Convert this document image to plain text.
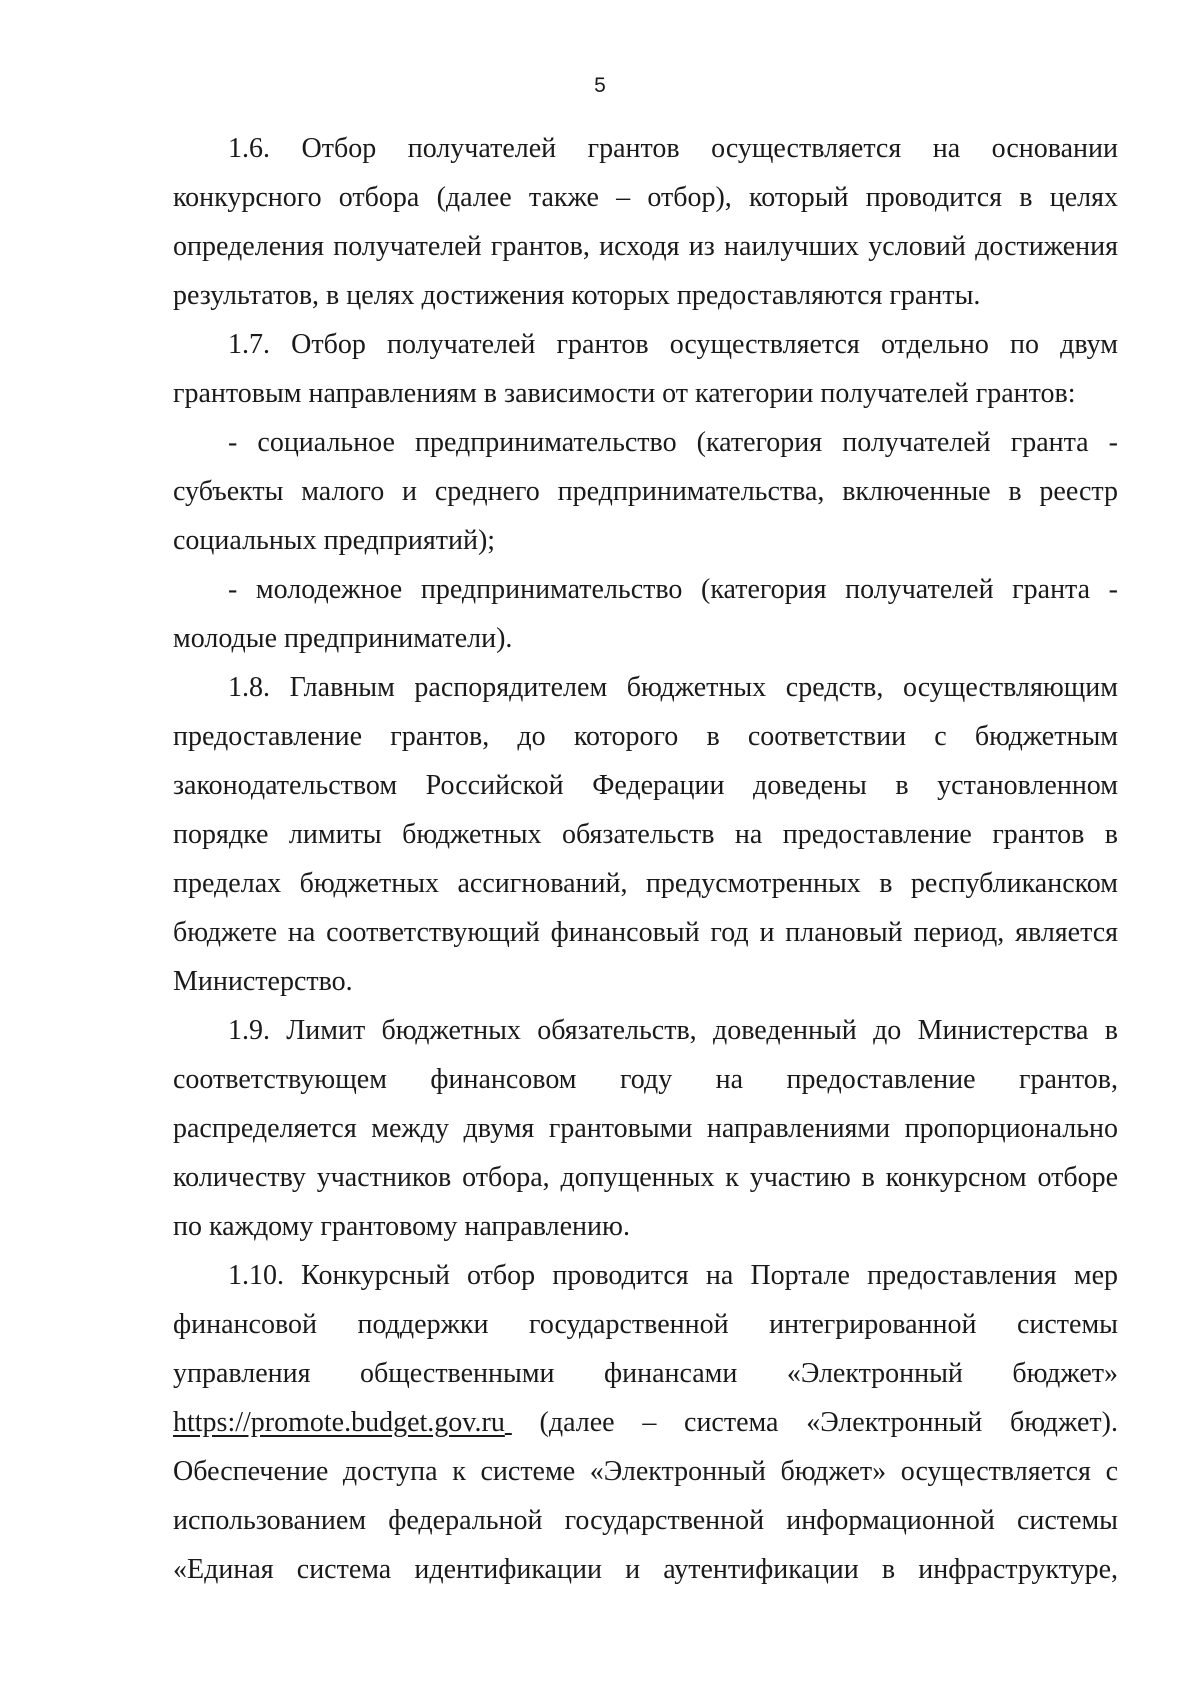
5
1.6. Отбор получателей грантов осуществляется на основании
конкурсного отбора (далее также – отбор), который проводится в целях
определения получателей грантов, исходя из наилучших условий достижения
результатов, в целях достижения которых предоставляются гранты.
1.7. Отбор получателей грантов осуществляется отдельно по двум
грантовым направлениям в зависимости от категории получателей грантов:
- социальное предпринимательство (категория получателей гранта -
субъекты малого и среднего предпринимательства, включенные в реестр
социальных предприятий);
- молодежное предпринимательство (категория получателей гранта -
молодые предприниматели).
1.8. Главным распорядителем бюджетных средств, осуществляющим
предоставление грантов, до которого в соответствии с бюджетным
законодательством Российской Федерации доведены в установленном
порядке лимиты бюджетных обязательств на предоставление грантов в
пределах бюджетных ассигнований, предусмотренных в республиканском
бюджете на соответствующий финансовый год и плановый период, является
Министерство.
1.9. Лимит бюджетных обязательств, доведенный до Министерства в
соответствующем финансовом году на предоставление грантов,
распределяется между двумя грантовыми направлениями пропорционально
количеству участников отбора, допущенных к участию в конкурсном отборе
по каждому грантовому направлению.
1.10. Конкурсный отбор проводится на Портале предоставления мер
финансовой поддержки государственной интегрированной системы
управления общественными финансами «Электронный бюджет»
https://promote.budget.gov.ru (далее – система «Электронный бюджет).
Обеспечение доступа к системе «Электронный бюджет» осуществляется с
использованием федеральной государственной информационной системы
«Единая система идентификации и аутентификации в инфраструктуре,
